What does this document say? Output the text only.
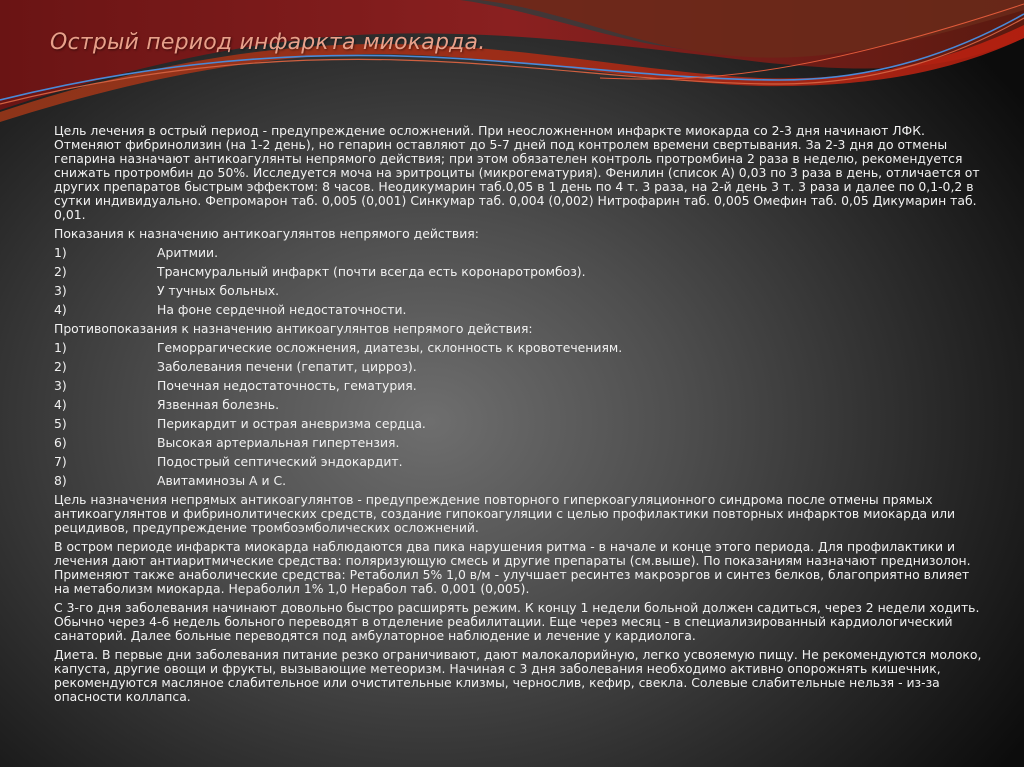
Острый период инфаркта миокарда.

Цель лечения в острый период - предупреждение осложнений. При неосложненном инфаркте миокарда со 2-3 дня начинают ЛФК. Отменяют фибринолизин (на 1-2 день), но гепарин оставляют до 5-7 дней под контролем времени свертывания. За 2-3 дня до отмены гепарина назначают антикоагулянты непрямого действия; при этом обязателен контроль протромбина 2 раза в неделю, рекомендуется снижать протромбин до 50%. Исследуется моча на эритроциты (микрогематурия). Фенилин (список А) 0,03 по 3 раза в день, отличается от других препаратов быстрым эффектом: 8 часов. Неодикумарин таб.0,05 в 1 день по 4 т. 3 раза, на 2-й день 3 т. 3 раза и далее по 0,1-0,2 в сутки индивидуально. Фепромарон таб. 0,005 (0,001) Синкумар таб. 0,004 (0,002) Нитрофарин таб. 0,005 Омефин таб. 0,05 Дикумарин таб. 0,01.

Показания к назначению антикоагулянтов непрямого действия:

1)	Аритмии.
2)	Трансмуральный инфаркт (почти всегда есть коронаротромбоз).
3)	У тучных больных.
4)	На фоне сердечной недостаточности.

Противопоказания к назначению антикоагулянтов непрямого действия:

1)	Геморрагические осложнения, диатезы, склонность к кровотечениям.
2)	Заболевания печени (гепатит, цирроз).
3)	Почечная недостаточность, гематурия.
4)	Язвенная болезнь.
5)	Перикардит и острая аневризма сердца.
6)	Высокая артериальная гипертензия.
7)	Подострый септический эндокардит.
8)	Авитаминозы А и С.

Цель назначения непрямых антикоагулянтов - предупреждение повторного гиперкоагуляционного синдрома после отмены прямых антикоагулянтов и фибринолитических средств, создание гипокоагуляции с целью профилактики повторных инфарктов миокарда или рецидивов, предупреждение тромбоэмболических осложнений.

В остром периоде инфаркта миокарда наблюдаются два пика нарушения ритма - в начале и конце этого периода. Для профилактики и лечения дают антиаритмические средства: поляризующую смесь и другие препараты (см.выше). По показаниям назначают преднизолон. Применяют также анаболические средства: Ретаболил 5% 1,0 в/м - улучшает ресинтез макроэргов и синтез белков, благоприятно влияет на метаболизм миокарда. Нераболил 1% 1,0 Нерабол таб. 0,001 (0,005).

С 3-го дня заболевания начинают довольно быстро расширять режим. К концу 1 недели больной должен садиться, через 2 недели ходить. Обычно через 4-6 недель больного переводят в отделение реабилитации. Еще через месяц - в специализированный кардиологический санаторий. Далее больные переводятся под амбулаторное наблюдение и лечение у кардиолога.

Диета. В первые дни заболевания питание резко ограничивают, дают малокалорийную, легко усвояемую пищу. Не рекомендуются молоко, капуста, другие овощи и фрукты, вызывающие метеоризм. Начиная с 3 дня заболевания необходимо активно опорожнять кишечник, рекомендуются масляное слабительное или очистительные клизмы, чернослив, кефир, свекла. Солевые слабительные нельзя - из-за опасности коллапса.
